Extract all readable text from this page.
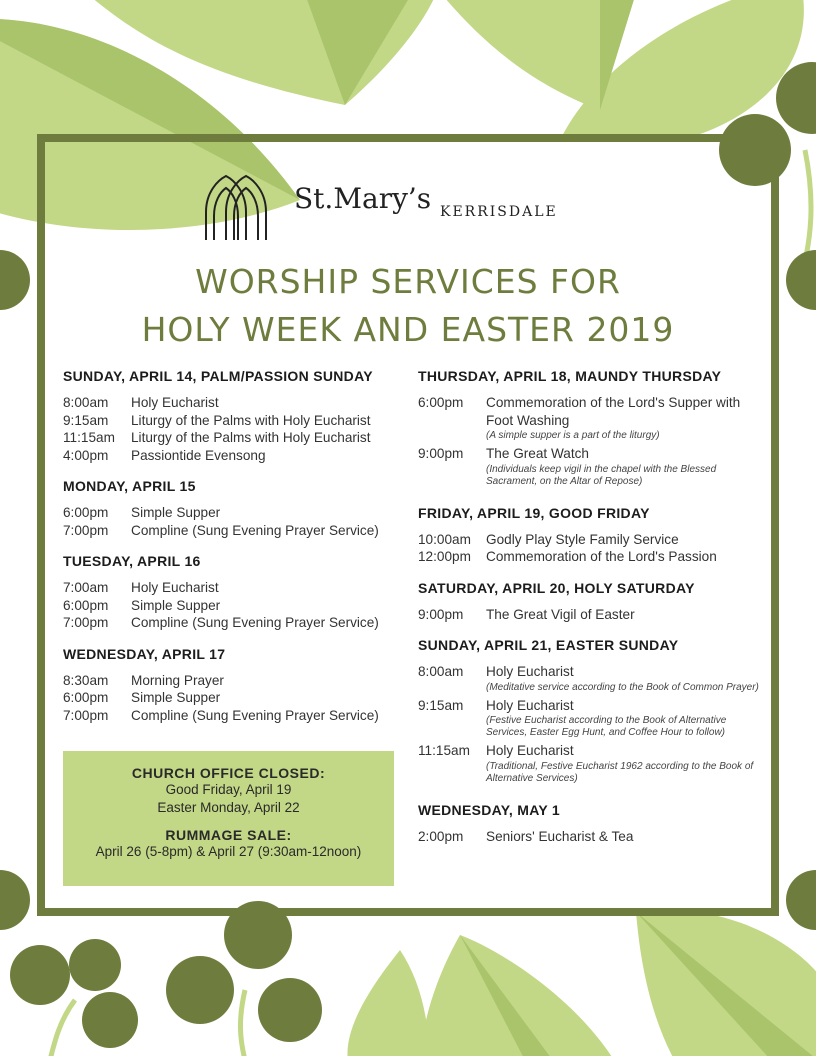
St.Mary’s KERRISDALE
WORSHIP SERVICES FOR
HOLY WEEK AND EASTER 2019
SUNDAY, APRIL 14, PALM/PASSION SUNDAY
8:00am	Holy Eucharist
9:15am	Liturgy of the Palms with Holy Eucharist
11:15am	Liturgy of the Palms with Holy Eucharist
4:00pm	Passiontide Evensong
MONDAY, APRIL 15
6:00pm	Simple Supper
7:00pm	Compline (Sung Evening Prayer Service)
TUESDAY, APRIL 16
7:00am	Holy Eucharist
6:00pm	Simple Supper
7:00pm	Compline (Sung Evening Prayer Service)
WEDNESDAY, APRIL 17
8:30am	Morning Prayer
6:00pm	Simple Supper
7:00pm	Compline (Sung Evening Prayer Service)
THURSDAY, APRIL 18, MAUNDY THURSDAY
6:00pm	Commemoration of the Lord's Supper with Foot Washing
(A simple supper is a part of the liturgy)
9:00pm	The Great Watch
(Individuals keep vigil in the chapel with the Blessed Sacrament, on the Altar of Repose)
FRIDAY, APRIL 19, GOOD FRIDAY
10:00am	Godly Play Style Family Service
12:00pm	Commemoration of the Lord's Passion
SATURDAY, APRIL 20, HOLY SATURDAY
9:00pm	The Great Vigil of Easter
SUNDAY, APRIL 21, EASTER SUNDAY
8:00am	Holy Eucharist
(Meditative service according to the Book of Common Prayer)
9:15am	Holy Eucharist
(Festive Eucharist according to the Book of Alternative Services, Easter Egg Hunt, and Coffee Hour to follow)
11:15am	Holy Eucharist
(Traditional, Festive Eucharist 1962 according to the Book of Alternative Services)
WEDNESDAY, MAY 1
2:00pm	Seniors' Eucharist & Tea
CHURCH OFFICE CLOSED:
Good Friday, April 19
Easter Monday, April 22
RUMMAGE SALE:
April 26 (5-8pm) & April 27 (9:30am-12noon)
